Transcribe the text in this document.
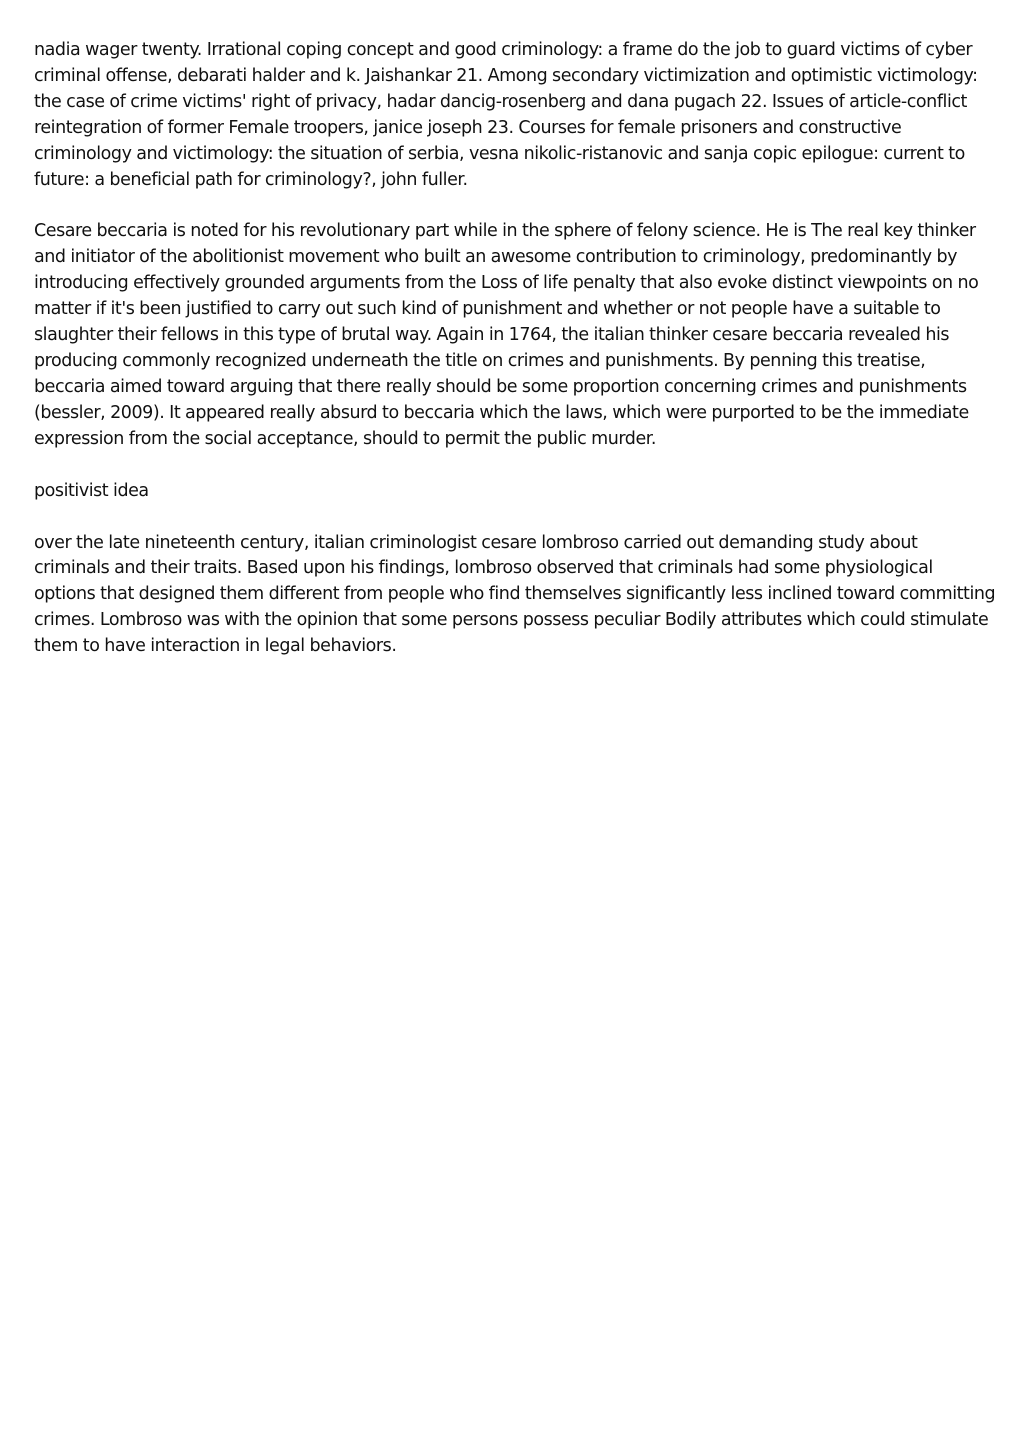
nadia wager twenty. Irrational coping concept and good criminology: a frame do the job to guard victims of cyber criminal offense, debarati halder and k. Jaishankar 21. Among secondary victimization and optimistic victimology: the case of crime victims' right of privacy, hadar dancig-rosenberg and dana pugach 22. Issues of article-conflict reintegration of former Female troopers, janice joseph 23. Courses for female prisoners and constructive criminology and victimology: the situation of serbia, vesna nikolic-ristanovic and sanja copic epilogue: current to future: a beneficial path for criminology?, john fuller.

Cesare beccaria is noted for his revolutionary part while in the sphere of felony science. He is The real key thinker and initiator of the abolitionist movement who built an awesome contribution to criminology, predominantly by introducing effectively grounded arguments from the Loss of life penalty that also evoke distinct viewpoints on no matter if it's been justified to carry out such kind of punishment and whether or not people have a suitable to slaughter their fellows in this type of brutal way. Again in 1764, the italian thinker cesare beccaria revealed his producing commonly recognized underneath the title on crimes and punishments. By penning this treatise, beccaria aimed toward arguing that there really should be some proportion concerning crimes and punishments (bessler, 2009). It appeared really absurd to beccaria which the laws, which were purported to be the immediate expression from the social acceptance, should to permit the public murder.

positivist idea

over the late nineteenth century, italian criminologist cesare lombroso carried out demanding study about criminals and their traits. Based upon his findings, lombroso observed that criminals had some physiological options that designed them different from people who find themselves significantly less inclined toward committing crimes. Lombroso was with the opinion that some persons possess peculiar Bodily attributes which could stimulate them to have interaction in legal behaviors.
